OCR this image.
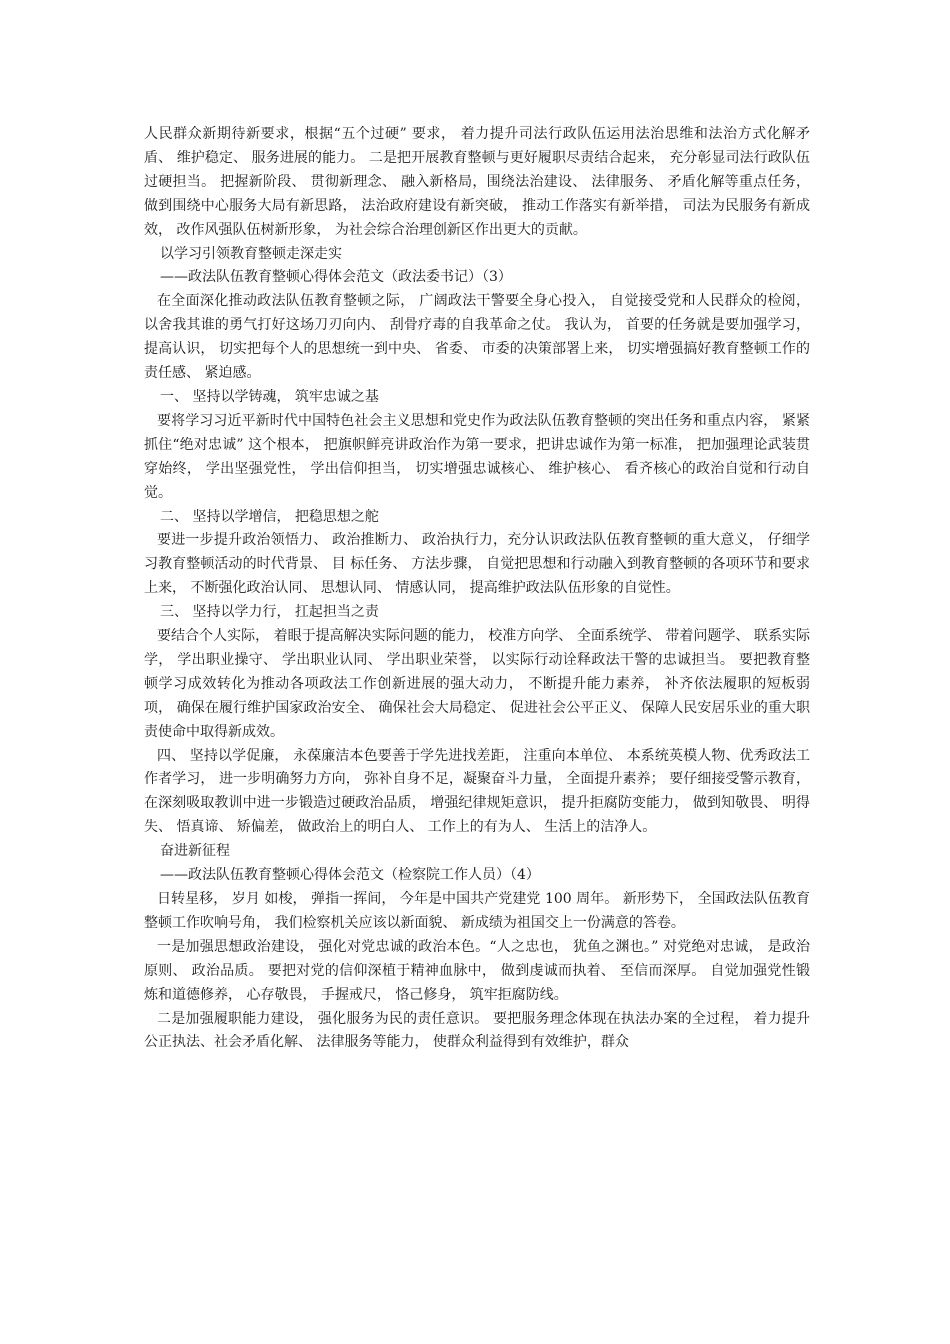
人民群众新期待新要求，根据“五个过硬” 要求， 着力提升司法行政队伍运用法治思维和法治方式化解矛盾、 维护稳定、 服务进展的能力。 二是把开展教育整顿与更好履职尽责结合起来， 充分彰显司法行政队伍过硬担当。 把握新阶段、 贯彻新理念、 融入新格局，围绕法治建设、 法律服务、 矛盾化解等重点任务， 做到围绕中心服务大局有新思路， 法治政府建设有新突破， 推动工作落实有新举措， 司法为民服务有新成效， 改作风强队伍树新形象， 为社会综合治理创新区作出更大的贡献。

以学习引领教育整顿走深走实

——政法队伍教育整顿心得体会范文（政法委书记）（3）

在全面深化推动政法队伍教育整顿之际， 广阔政法干警要全身心投入， 自觉接受党和人民群众的检阅， 以舍我其谁的勇气打好这场刀刃向内、 刮骨疗毒的自我革命之仗。 我认为， 首要的任务就是要加强学习， 提高认识， 切实把每个人的思想统一到中央、 省委、 市委的决策部署上来， 切实增强搞好教育整顿工作的责任感、 紧迫感。

一、 坚持以学铸魂， 筑牢忠诚之基

要将学习习近平新时代中国特色社会主义思想和党史作为政法队伍教育整顿的突出任务和重点内容， 紧紧抓住“绝对忠诚” 这个根本， 把旗帜鲜亮讲政治作为第一要求，把讲忠诚作为第一标准， 把加强理论武装贯穿始终， 学出坚强党性， 学出信仰担当， 切实增强忠诚核心、 维护核心、 看齐核心的政治自觉和行动自觉。

二、 坚持以学增信， 把稳思想之舵

要进一步提升政治领悟力、 政治推断力、 政治执行力，充分认识政法队伍教育整顿的重大意义， 仔细学习教育整顿活动的时代背景、 目 标任务、 方法步骤， 自觉把思想和行动融入到教育整顿的各项环节和要求上来， 不断强化政治认同、 思想认同、 情感认同， 提高维护政法队伍形象的自觉性。

三、 坚持以学力行， 扛起担当之责

要结合个人实际， 着眼于提高解决实际问题的能力， 校准方向学、 全面系统学、 带着问题学、 联系实际学， 学出职业操守、 学出职业认同、 学出职业荣誉， 以实际行动诠释政法干警的忠诚担当。 要把教育整顿学习成效转化为推动各项政法工作创新进展的强大动力， 不断提升能力素养， 补齐依法履职的短板弱项， 确保在履行维护国家政治安全、 确保社会大局稳定、 促进社会公平正义、 保障人民安居乐业的重大职责使命中取得新成效。

四、 坚持以学促廉， 永葆廉洁本色要善于学先进找差距， 注重向本单位、 本系统英模人物、优秀政法工作者学习， 进一步明确努力方向， 弥补自身不足，凝聚奋斗力量， 全面提升素养； 要仔细接受警示教育， 在深刻吸取教训中进一步锻造过硬政治品质， 增强纪律规矩意识， 提升拒腐防变能力， 做到知敬畏、 明得失、 悟真谛、 矫偏差， 做政治上的明白人、 工作上的有为人、 生活上的洁净人。

奋进新征程

——政法队伍教育整顿心得体会范文（检察院工作人员）（4）

日转星移， 岁月 如梭， 弹指一挥间， 今年是中国共产党建党 100 周年。 新形势下， 全国政法队伍教育整顿工作吹响号角， 我们检察机关应该以新面貌、 新成绩为祖国交上一份满意的答卷。

一是加强思想政治建设， 强化对党忠诚的政治本色。“人之忠也， 犹鱼之渊也。” 对党绝对忠诚， 是政治原则、 政治品质。 要把对党的信仰深植于精神血脉中， 做到虔诚而执着、 至信而深厚。 自觉加强党性锻炼和道德修养， 心存敬畏， 手握戒尺， 恪己修身， 筑牢拒腐防线。

二是加强履职能力建设， 强化服务为民的责任意识。 要把服务理念体现在执法办案的全过程， 着力提升公正执法、社会矛盾化解、 法律服务等能力， 使群众利益得到有效维护，群众
